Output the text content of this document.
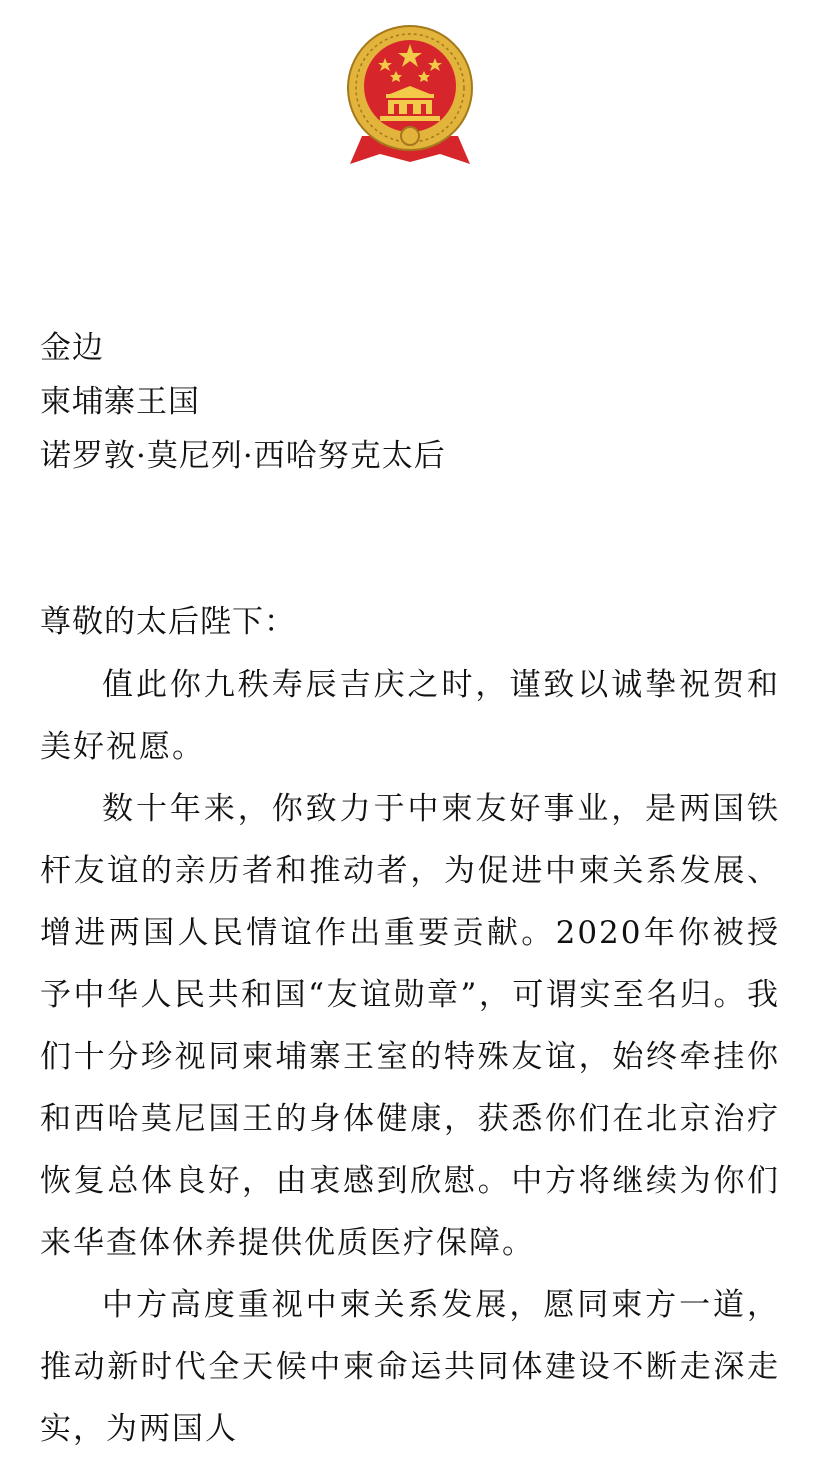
金边
柬埔寨王国
诺罗敦·莫尼列·西哈努克太后
尊敬的太后陛下：

值此你九秩寿辰吉庆之时，谨致以诚挚祝贺和美好祝愿。

数十年来，你致力于中柬友好事业，是两国铁杆友谊的亲历者和推动者，为促进中柬关系发展、增进两国人民情谊作出重要贡献。2020年你被授予中华人民共和国“友谊勋章”，可谓实至名归。我们十分珍视同柬埔寨王室的特殊友谊，始终牵挂你和西哈莫尼国王的身体健康，获悉你们在北京治疗恢复总体良好，由衷感到欣慰。中方将继续为你们来华查体休养提供优质医疗保障。

中方高度重视中柬关系发展，愿同柬方一道，推动新时代全天候中柬命运共同体建设不断走深走实，为两国人
